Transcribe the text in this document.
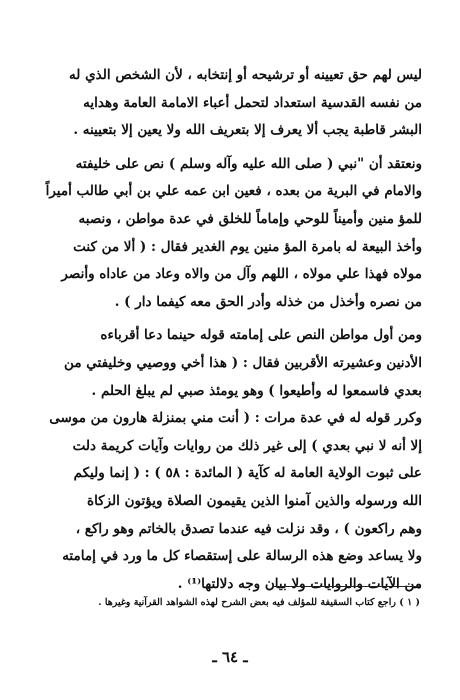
ليس لهم حق تعيينه أو ترشيحه أو إنتخابه ، لأن الشخص الذي له
من نفسه القدسية استعداد لتحمل أعباء الامامة العامة وهدايه
البشر قاطبة يجب ألا يعرف إلا بتعريف الله ولا يعين إلا بتعيينه .

ونعتقد أن "نبي ( صلى الله عليه وآله وسلم ) نص على خليفته
والامام في البرية من بعده ، فعين ابن عمه علي بن أبي طالب أميراً
للمؤ منين وأميناً للوحي وإماماً للخلق في عدة مواطن ، ونصبه
وأخذ البيعة له بامرة المؤ منين يوم الغدير فقال : ( ألا من كنت
مولاه فهذا علي مولاه ، اللهم وآل من والاه وعاد من عاداه وأنصر
من نصره وأخذل من خذله وأدر الحق معه كيفما دار ) .

ومن أول مواطن النص على إمامته قوله حينما دعا أقرباءه
الأدنين وعشيرته الأقربين فقال : ( هذا أخي ووصيي وخليفتي من
بعدي فاسمعوا له وأطيعوا ) وهو يومئذ صبي لم يبلغ الحلم .
وكرر قوله له في عدة مرات : ( أنت مني بمنزلة هارون من موسى
إلا أنه لا نبي بعدي ) إلى غير ذلك من روايات وآيات كريمة دلت
على ثبوت الولاية العامة له كآية ( المائدة : ٥٨ ) : ( إنما وليكم
الله ورسوله والذين آمنوا الذين يقيمون الصلاة ويؤتون الزكاة
وهم راكعون ) ، وقد نزلت فيه عندما تصدق بالخاتم وهو راكع ،
ولا يساعد وضع هذه الرسالة على إستقصاء كل ما ورد في إمامته
من الآيات والروايات ولا بيان وجه دلالتها⁽¹⁾ .

( ١ ) راجع كتاب السقيفة للمؤلف فيه بعض الشرح لهذه الشواهد القرآنية وغيرها .
ـ ٦٤ ـ
